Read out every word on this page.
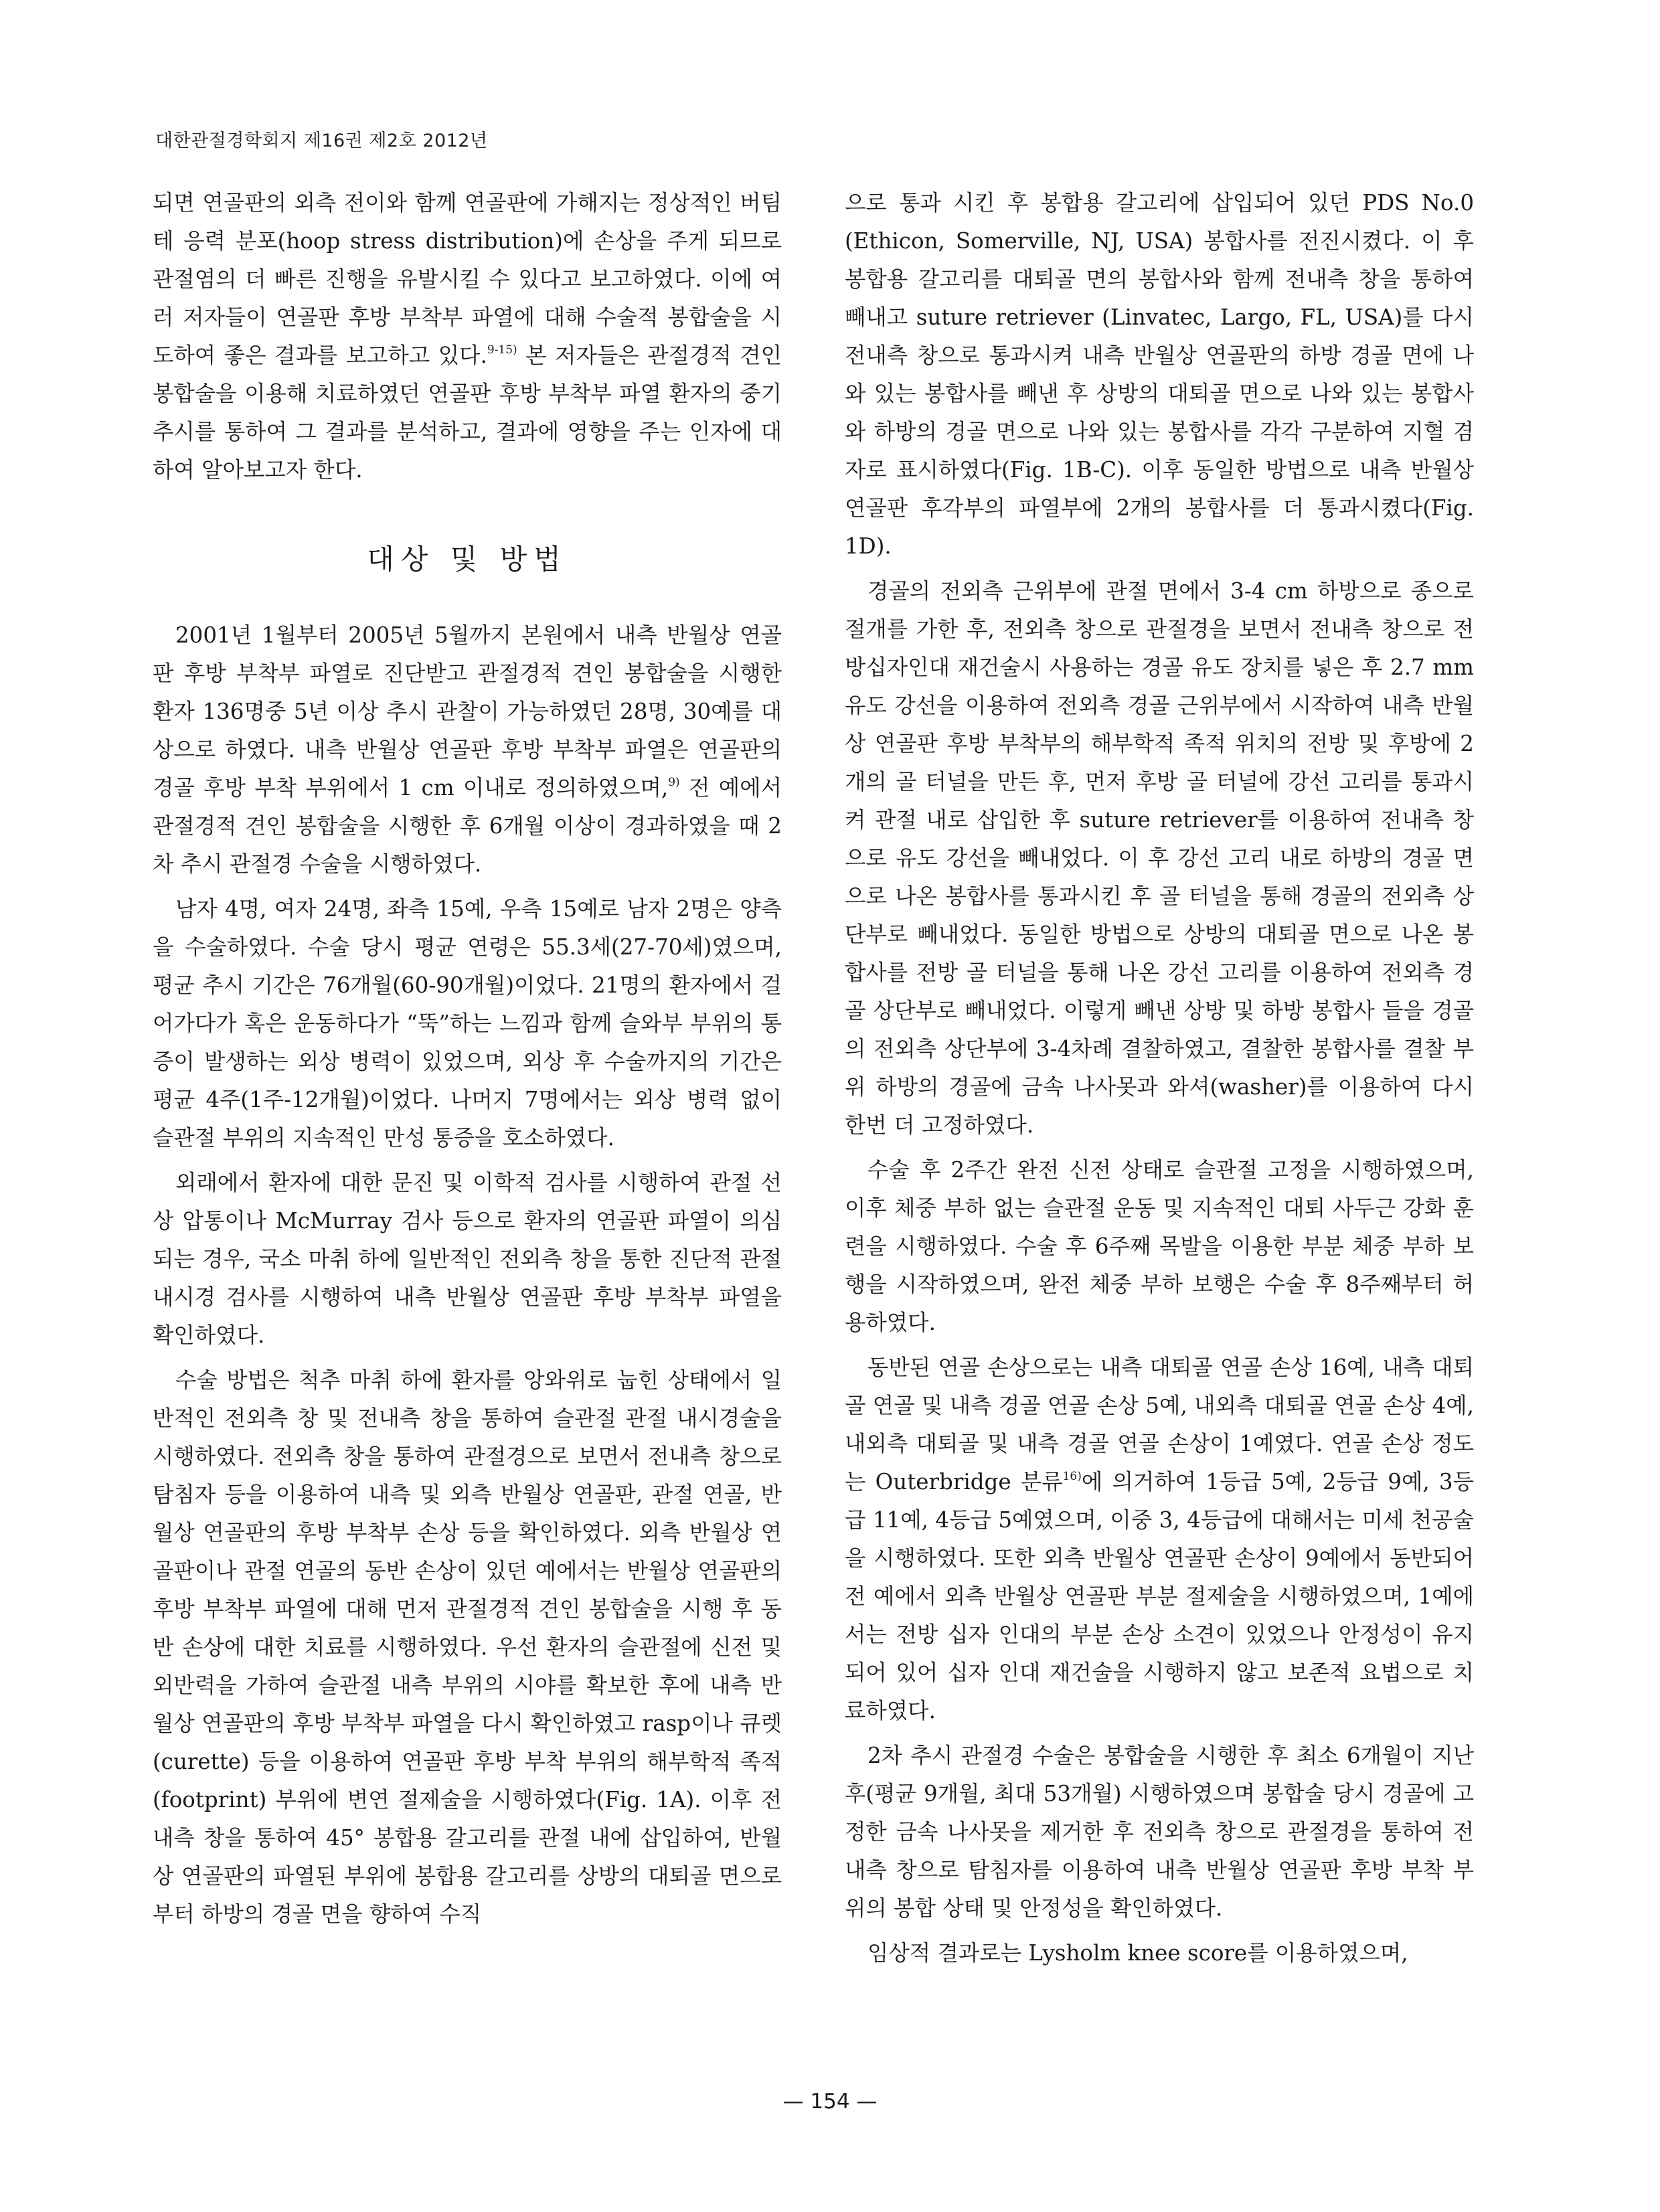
대한관절경학회지 제16권 제2호 2012년

되면 연골판의 외측 전이와 함께 연골판에 가해지는 정상적인 버팀테 응력 분포(hoop stress distribution)에 손상을 주게 되므로 관절염의 더 빠른 진행을 유발시킬 수 있다고 보고하였다. 이에 여러 저자들이 연골판 후방 부착부 파열에 대해 수술적 봉합술을 시도하여 좋은 결과를 보고하고 있다.$^{9-15)}$ 본 저자들은 관절경적 견인 봉합술을 이용해 치료하였던 연골판 후방 부착부 파열 환자의 중기 추시를 통하여 그 결과를 분석하고, 결과에 영향을 주는 인자에 대하여 알아보고자 한다.

대상 및 방법

2001년 1월부터 2005년 5월까지 본원에서 내측 반월상 연골판 후방 부착부 파열로 진단받고 관절경적 견인 봉합술을 시행한 환자 136명중 5년 이상 추시 관찰이 가능하였던 28명, 30예를 대상으로 하였다. 내측 반월상 연골판 후방 부착부 파열은 연골판의 경골 후방 부착 부위에서 1 cm 이내로 정의하였으며,$^{9)}$ 전 예에서 관절경적 견인 봉합술을 시행한 후 6개월 이상이 경과하였을 때 2차 추시 관절경 수술을 시행하였다.

남자 4명, 여자 24명, 좌측 15예, 우측 15예로 남자 2명은 양측을 수술하였다. 수술 당시 평균 연령은 55.3세(27-70세)였으며, 평균 추시 기간은 76개월(60-90개월)이었다. 21명의 환자에서 걸어가다가 혹은 운동하다가 “뚝”하는 느낌과 함께 슬와부 부위의 통증이 발생하는 외상 병력이 있었으며, 외상 후 수술까지의 기간은 평균 4주(1주-12개월)이었다. 나머지 7명에서는 외상 병력 없이 슬관절 부위의 지속적인 만성 통증을 호소하였다.

외래에서 환자에 대한 문진 및 이학적 검사를 시행하여 관절 선 상 압통이나 McMurray 검사 등으로 환자의 연골판 파열이 의심되는 경우, 국소 마취 하에 일반적인 전외측 창을 통한 진단적 관절 내시경 검사를 시행하여 내측 반월상 연골판 후방 부착부 파열을 확인하였다.

수술 방법은 척추 마취 하에 환자를 앙와위로 눕힌 상태에서 일반적인 전외측 창 및 전내측 창을 통하여 슬관절 관절 내시경술을 시행하였다. 전외측 창을 통하여 관절경으로 보면서 전내측 창으로 탐침자 등을 이용하여 내측 및 외측 반월상 연골판, 관절 연골, 반월상 연골판의 후방 부착부 손상 등을 확인하였다. 외측 반월상 연골판이나 관절 연골의 동반 손상이 있던 예에서는 반월상 연골판의 후방 부착부 파열에 대해 먼저 관절경적 견인 봉합술을 시행 후 동반 손상에 대한 치료를 시행하였다. 우선 환자의 슬관절에 신전 및 외반력을 가하여 슬관절 내측 부위의 시야를 확보한 후에 내측 반월상 연골판의 후방 부착부 파열을 다시 확인하였고 rasp이나 큐렛(curette) 등을 이용하여 연골판 후방 부착 부위의 해부학적 족적(footprint) 부위에 변연 절제술을 시행하였다(Fig. 1A). 이후 전내측 창을 통하여 45° 봉합용 갈고리를 관절 내에 삽입하여, 반월상 연골판의 파열된 부위에 봉합용 갈고리를 상방의 대퇴골 면으로부터 하방의 경골 면을 향하여 수직

으로 통과 시킨 후 봉합용 갈고리에 삽입되어 있던 PDS No.0 (Ethicon, Somerville, NJ, USA) 봉합사를 전진시켰다. 이 후 봉합용 갈고리를 대퇴골 면의 봉합사와 함께 전내측 창을 통하여 빼내고 suture retriever (Linvatec, Largo, FL, USA)를 다시 전내측 창으로 통과시켜 내측 반월상 연골판의 하방 경골 면에 나와 있는 봉합사를 빼낸 후 상방의 대퇴골 면으로 나와 있는 봉합사와 하방의 경골 면으로 나와 있는 봉합사를 각각 구분하여 지혈 겸자로 표시하였다(Fig. 1B-C). 이후 동일한 방법으로 내측 반월상 연골판 후각부의 파열부에 2개의 봉합사를 더 통과시켰다(Fig. 1D).

경골의 전외측 근위부에 관절 면에서 3-4 cm 하방으로 종으로 절개를 가한 후, 전외측 창으로 관절경을 보면서 전내측 창으로 전방십자인대 재건술시 사용하는 경골 유도 장치를 넣은 후 2.7 mm 유도 강선을 이용하여 전외측 경골 근위부에서 시작하여 내측 반월상 연골판 후방 부착부의 해부학적 족적 위치의 전방 및 후방에 2개의 골 터널을 만든 후, 먼저 후방 골 터널에 강선 고리를 통과시켜 관절 내로 삽입한 후 suture retriever를 이용하여 전내측 창으로 유도 강선을 빼내었다. 이 후 강선 고리 내로 하방의 경골 면으로 나온 봉합사를 통과시킨 후 골 터널을 통해 경골의 전외측 상단부로 빼내었다. 동일한 방법으로 상방의 대퇴골 면으로 나온 봉합사를 전방 골 터널을 통해 나온 강선 고리를 이용하여 전외측 경골 상단부로 빼내었다. 이렇게 빼낸 상방 및 하방 봉합사 들을 경골의 전외측 상단부에 3-4차례 결찰하였고, 결찰한 봉합사를 결찰 부위 하방의 경골에 금속 나사못과 와셔(washer)를 이용하여 다시 한번 더 고정하였다.

수술 후 2주간 완전 신전 상태로 슬관절 고정을 시행하였으며, 이후 체중 부하 없는 슬관절 운동 및 지속적인 대퇴 사두근 강화 훈련을 시행하였다. 수술 후 6주째 목발을 이용한 부분 체중 부하 보행을 시작하였으며, 완전 체중 부하 보행은 수술 후 8주째부터 허용하였다.

동반된 연골 손상으로는 내측 대퇴골 연골 손상 16예, 내측 대퇴골 연골 및 내측 경골 연골 손상 5예, 내외측 대퇴골 연골 손상 4예, 내외측 대퇴골 및 내측 경골 연골 손상이 1예였다. 연골 손상 정도는 Outerbridge 분류$^{16)}$에 의거하여 1등급 5예, 2등급 9예, 3등급 11예, 4등급 5예였으며, 이중 3, 4등급에 대해서는 미세 천공술을 시행하였다. 또한 외측 반월상 연골판 손상이 9예에서 동반되어 전 예에서 외측 반월상 연골판 부분 절제술을 시행하였으며, 1예에서는 전방 십자 인대의 부분 손상 소견이 있었으나 안정성이 유지되어 있어 십자 인대 재건술을 시행하지 않고 보존적 요법으로 치료하였다.

2차 추시 관절경 수술은 봉합술을 시행한 후 최소 6개월이 지난 후(평균 9개월, 최대 53개월) 시행하였으며 봉합술 당시 경골에 고정한 금속 나사못을 제거한 후 전외측 창으로 관절경을 통하여 전내측 창으로 탐침자를 이용하여 내측 반월상 연골판 후방 부착 부위의 봉합 상태 및 안정성을 확인하였다.

임상적 결과로는 Lysholm knee score를 이용하였으며,

— 154 —
